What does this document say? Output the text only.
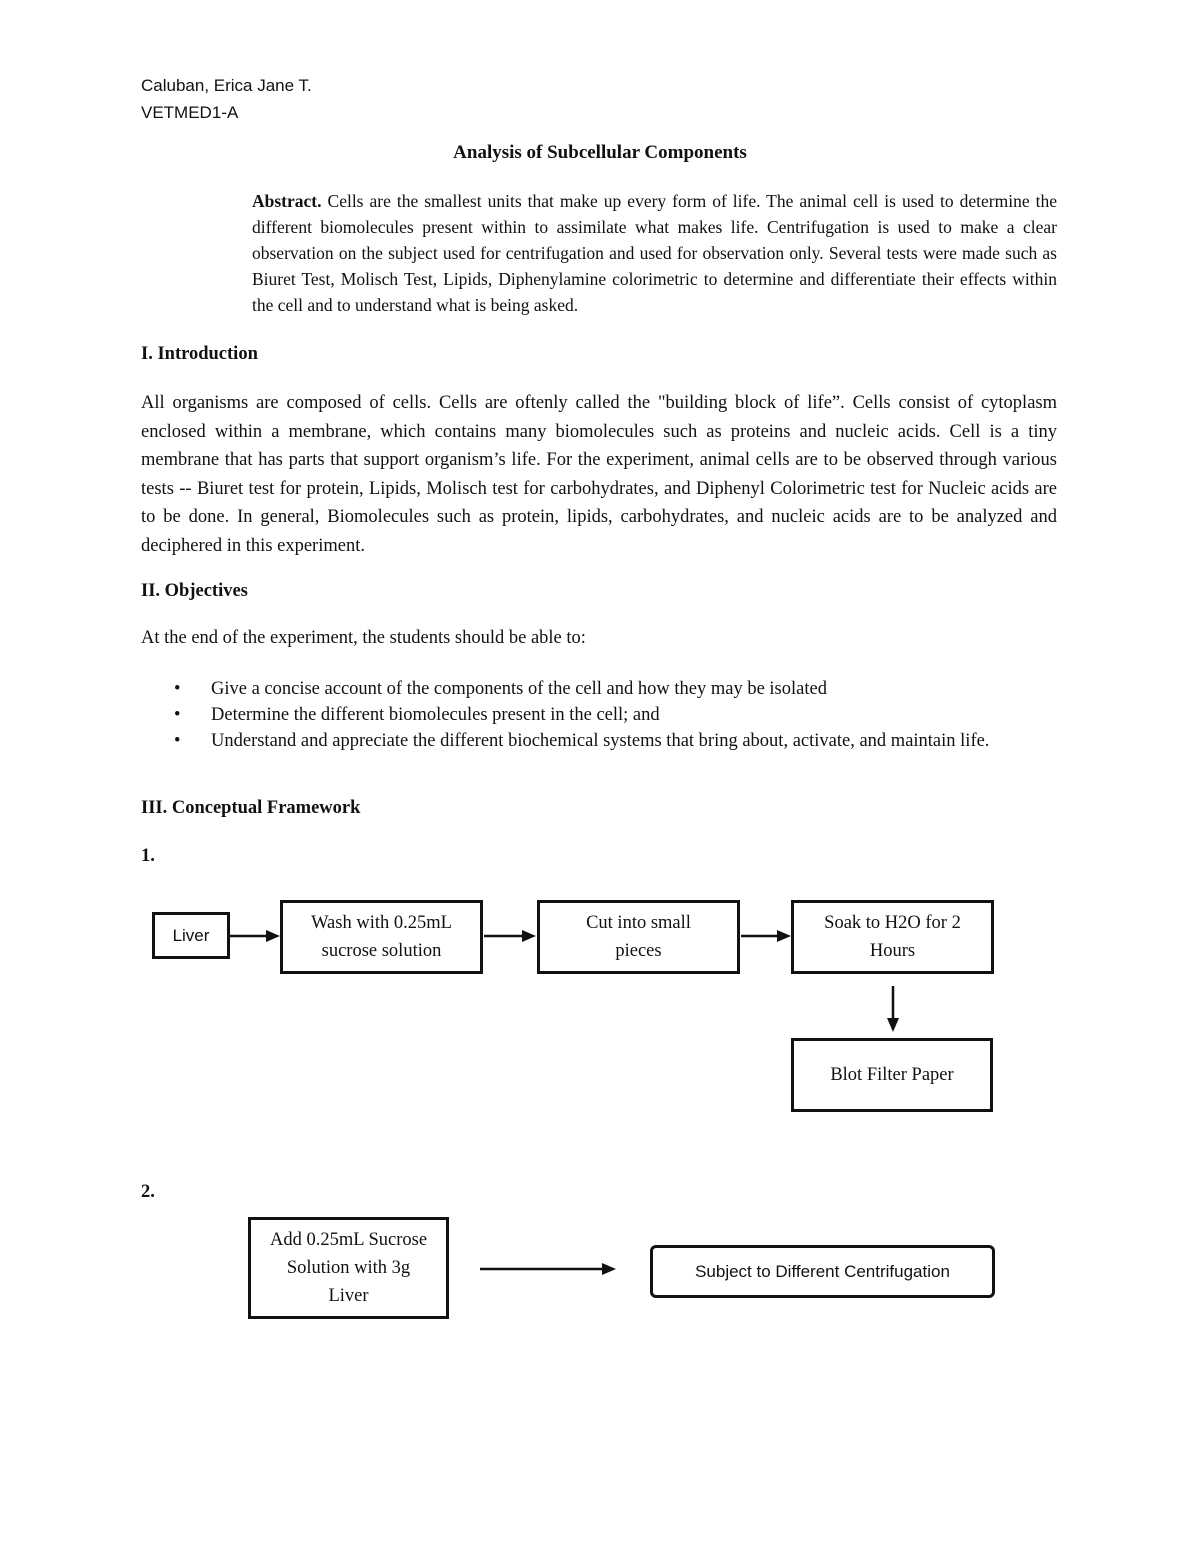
Caluban, Erica Jane T.
VETMED1-A
Analysis of Subcellular Components
Abstract. Cells are the smallest units that make up every form of life. The animal cell is used to determine the different biomolecules present within to assimilate what makes life. Centrifugation is used to make a clear observation on the subject used for centrifugation and used for observation only. Several tests were made such as Biuret Test, Molisch Test, Lipids, Diphenylamine colorimetric to determine and differentiate their effects within the cell and to understand what is being asked.
I. Introduction
All organisms are composed of cells. Cells are oftenly called the "building block of life”. Cells consist of cytoplasm enclosed within a membrane, which contains many biomolecules such as proteins and nucleic acids. Cell is a tiny membrane that has parts that support organism’s life. For the experiment, animal cells are to be observed through various tests -- Biuret test for protein, Lipids, Molisch test for carbohydrates, and Diphenyl Colorimetric test for Nucleic acids are to be done. In general, Biomolecules such as protein, lipids, carbohydrates, and nucleic acids are to be analyzed and deciphered in this experiment.
II. Objectives
At the end of the experiment, the students should be able to:
• Give a concise account of the components of the cell and how they may be isolated
• Determine the different biomolecules present in the cell; and
• Understand and appreciate the different biochemical systems that bring about, activate, and maintain life.
III. Conceptual Framework
1.
Liver
Wash with 0.25mL sucrose solution
Cut into small pieces
Soak to H2O for 2 Hours
Blot Filter Paper
2.
Add 0.25mL Sucrose Solution with 3g Liver
Subject to Different Centrifugation
